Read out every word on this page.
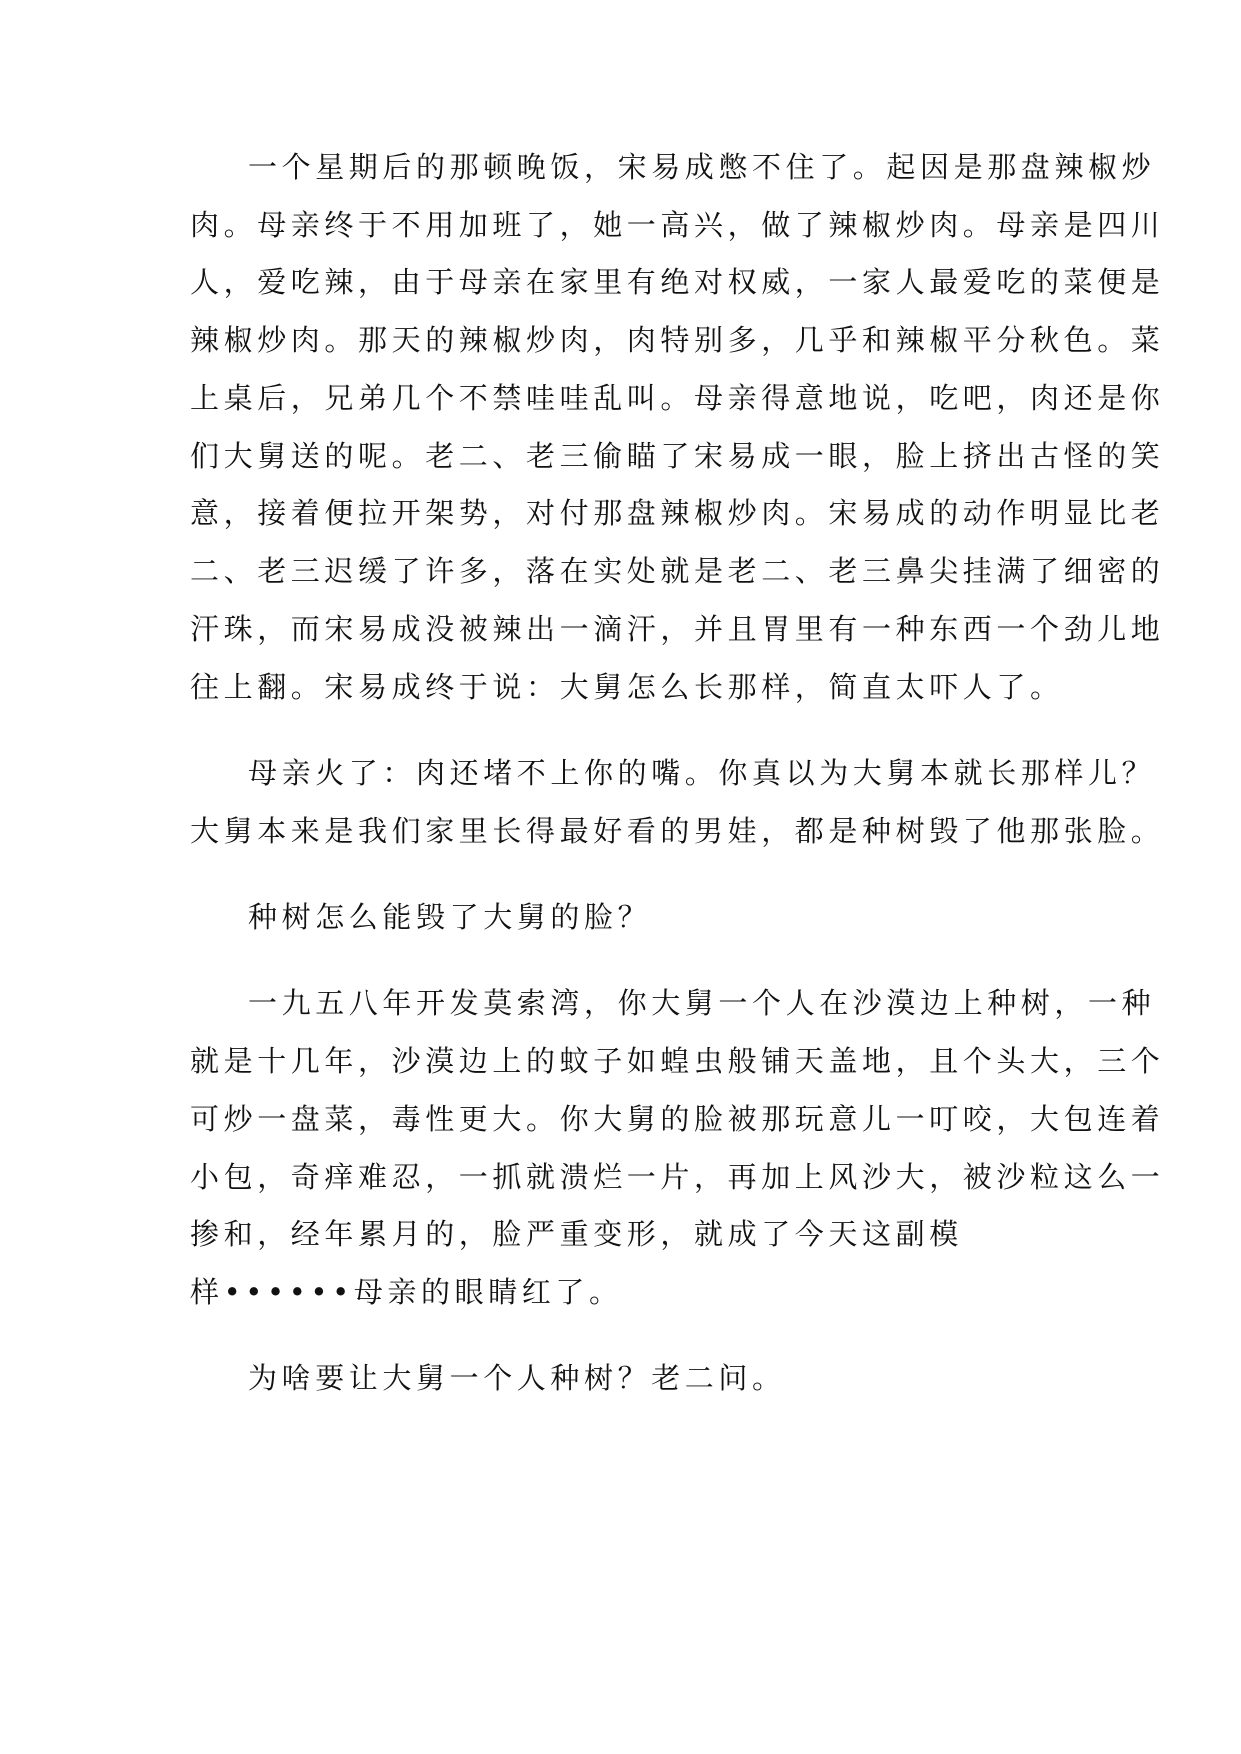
一个星期后的那顿晚饭，宋易成憋不住了。起因是那盘辣椒炒
肉。母亲终于不用加班了，她一高兴，做了辣椒炒肉。母亲是四川
人，爱吃辣，由于母亲在家里有绝对权威，一家人最爱吃的菜便是
辣椒炒肉。那天的辣椒炒肉，肉特别多，几乎和辣椒平分秋色。菜
上桌后，兄弟几个不禁哇哇乱叫。母亲得意地说，吃吧，肉还是你
们大舅送的呢。老二、老三偷瞄了宋易成一眼，脸上挤出古怪的笑
意，接着便拉开架势，对付那盘辣椒炒肉。宋易成的动作明显比老
二、老三迟缓了许多，落在实处就是老二、老三鼻尖挂满了细密的
汗珠，而宋易成没被辣出一滴汗，并且胃里有一种东西一个劲儿地
往上翻。宋易成终于说：大舅怎么长那样，简直太吓人了。
母亲火了：肉还堵不上你的嘴。你真以为大舅本就长那样儿？
大舅本来是我们家里长得最好看的男娃，都是种树毁了他那张脸。
种树怎么能毁了大舅的脸？
一九五八年开发莫索湾，你大舅一个人在沙漠边上种树，一种
就是十几年，沙漠边上的蚊子如蝗虫般铺天盖地，且个头大，三个
可炒一盘菜，毒性更大。你大舅的脸被那玩意儿一叮咬，大包连着
小包，奇痒难忍，一抓就溃烂一片，再加上风沙大，被沙粒这么一
掺和，经年累月的，脸严重变形，就成了今天这副模
样••••••母亲的眼睛红了。
为啥要让大舅一个人种树？老二问。
